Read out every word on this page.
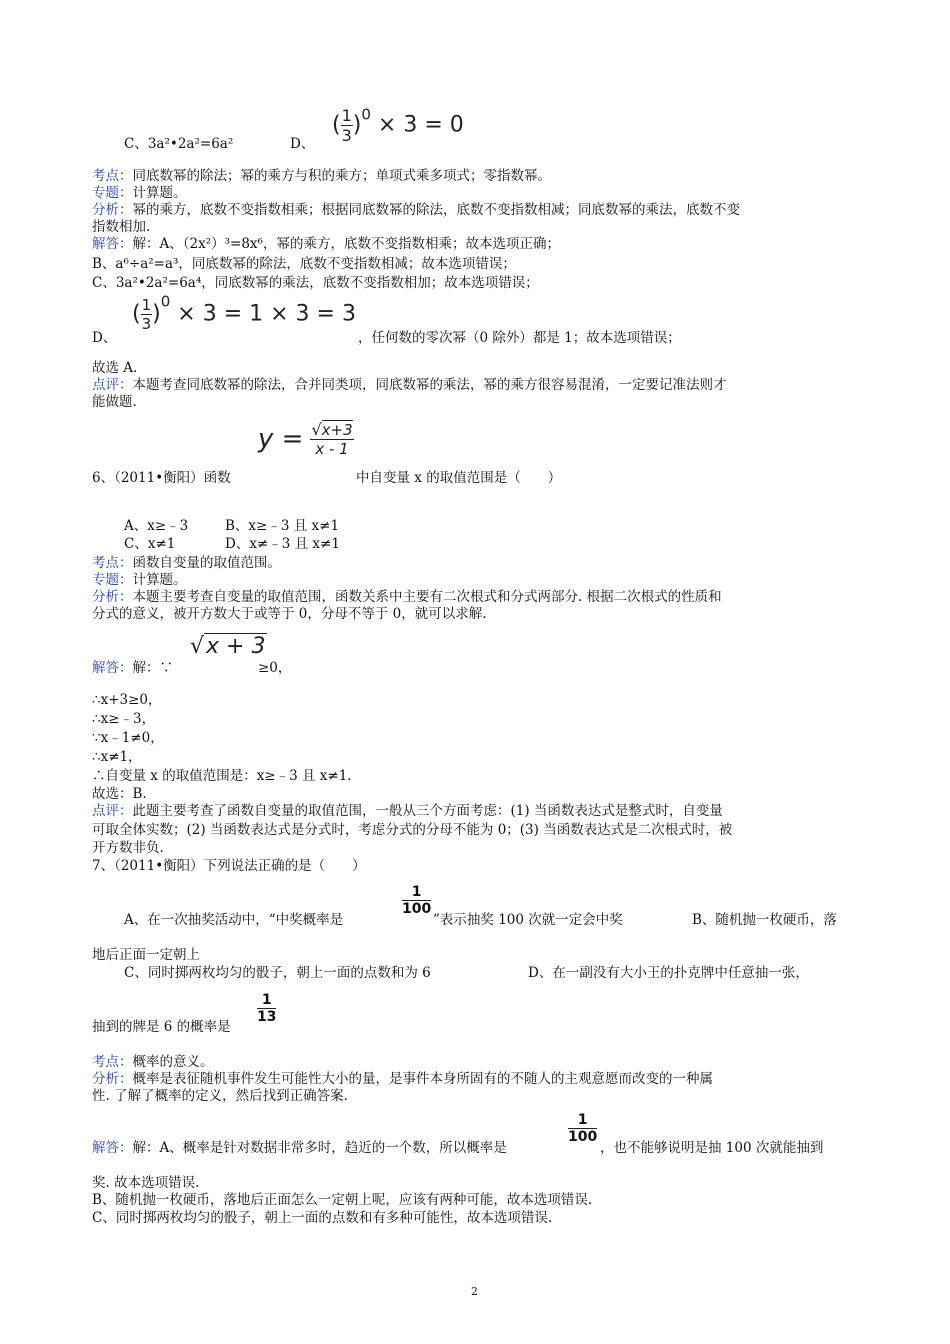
C、3a²•2a²=6a²	D、
( $\frac{1}{3} )^0 \times 3 = 0$
考点：同底数幂的除法；幂的乘方与积的乘方；单项式乘多项式；零指数幂。
专题：计算题。
分析：幂的乘方，底数不变指数相乘；根据同底数幂的除法，底数不变指数相减；同底数幂的乘法，底数不变
指数相加.
解答：解：A、（2x²）³=8x⁶，幂的乘方，底数不变指数相乘；故本选项正确；
B、a⁶÷a²=a³，同底数幂的除法，底数不变指数相减；故本选项错误；
C、3a²•2a²=6a⁴，同底数幂的乘法，底数不变指数相加；故本选项错误；
D、
( $\frac{1}{3} )^0 \times 3 = 1 \times 3 = 3$
，任何数的零次幂（0 除外）都是 1；故本选项错误；
故选 A.
点评：本题考查同底数幂的除法，合并同类项，同底数幂的乘法，幂的乘方很容易混淆，一定要记准法则才
能做题.
$y = \frac{√x+3}{x - 1}$
6、（2011•衡阳）函数	中自变量 x 的取值范围是（　　）
A、x≥﹣3	B、x≥﹣3 且 x≠1
C、x≠1	D、x≠﹣3 且 x≠1
考点：函数自变量的取值范围。
专题：计算题。
分析：本题主要考查自变量的取值范围，函数关系中主要有二次根式和分式两部分. 根据二次根式的性质和
分式的意义，被开方数大于或等于 0，分母不等于 0，就可以求解.
解答：解：∵
√x + 3
≥0，
∴x+3≥0，
∴x≥﹣3，
∵x﹣1≠0，
∴x≠1，
∴自变量 x 的取值范围是：x≥﹣3 且 x≠1.
故选：B.
点评：此题主要考查了函数自变量的取值范围，一般从三个方面考虑：(1) 当函数表达式是整式时，自变量
可取全体实数；(2) 当函数表达式是分式时，考虑分式的分母不能为 0；(3) 当函数表达式是二次根式时，被
开方数非负.
7、（2011•衡阳）下列说法正确的是（　　）
A、在一次抽奖活动中，“中奖概率是
$\frac{1}{100}$
”表示抽奖 100 次就一定会中奖	B、随机抛一枚硬币，落
地后正面一定朝上
C、同时掷两枚均匀的骰子，朝上一面的点数和为 6	D、在一副没有大小王的扑克牌中任意抽一张，
抽到的牌是 6 的概率是
$\frac{1}{13}$
考点：概率的意义。
分析：概率是表征随机事件发生可能性大小的量，是事件本身所固有的不随人的主观意愿而改变的一种属
性. 了解了概率的定义，然后找到正确答案.
解答：解：A、概率是针对数据非常多时，趋近的一个数，所以概率是
$\frac{1}{100}$
，也不能够说明是抽 100 次就能抽到
奖. 故本选项错误.
B、随机抛一枚硬币，落地后正面怎么一定朝上呢，应该有两种可能，故本选项错误.
C、同时掷两枚均匀的骰子，朝上一面的点数和有多种可能性，故本选项错误.
2
